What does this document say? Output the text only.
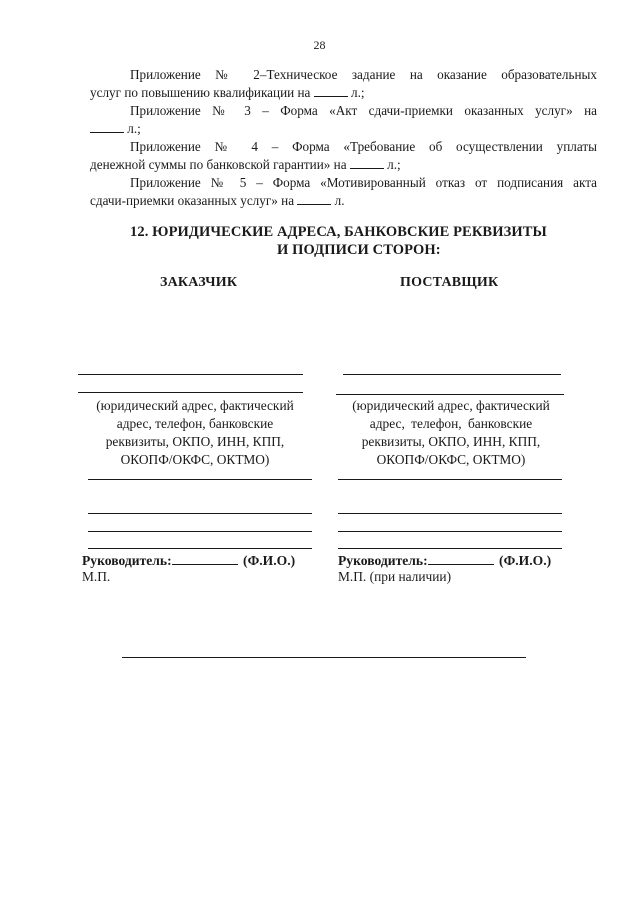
28
Приложение № 2–Техническое задание на оказание образовательных
услуг по повышению квалификации на	л.;
Приложение № 3 – Форма «Акт сдачи-приемки оказанных услуг» на
л.;
Приложение № 4 – Форма «Требование об осуществлении уплаты
денежной суммы по банковской гарантии» на	л.;
Приложение № 5 – Форма «Мотивированный отказ от подписания акта
сдачи-приемки оказанных услуг» на	л.
12. ЮРИДИЧЕСКИЕ АДРЕСА, БАНКОВСКИЕ РЕКВИЗИТЫ
И ПОДПИСИ СТОРОН:
ЗАКАЗЧИК	ПОСТАВЩИК
(юридический адрес, фактический
адрес, телефон, банковские
реквизиты, ОКПО, ИНН, КПП,
ОКОПФ/ОКФС, ОКТМО)
(юридический адрес, фактический
адрес, телефон, банковские
реквизиты, ОКПО, ИНН, КПП,
ОКОПФ/ОКФС, ОКТМО)
Руководитель:	(Ф.И.О.)
М.П.
Руководитель:	(Ф.И.О.)
М.П. (при наличии)
